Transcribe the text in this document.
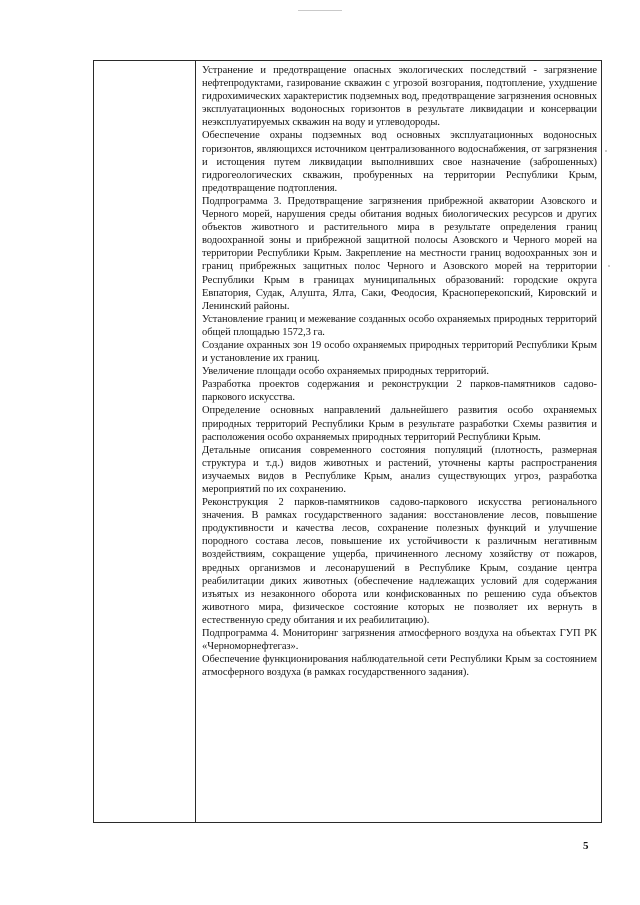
Устранение и предотвращение опасных экологических последствий - загрязнение нефтепродуктами, газирование скважин с угрозой возгорания, подтопление, ухудшение гидрохимических характеристик подземных вод, предотвращение загрязнения основных эксплуатационных водоносных горизонтов в результате ликвидации и консервации неэксплуатируемых скважин на воду и углеводороды.

Обеспечение охраны подземных вод основных эксплуатационных водоносных горизонтов, являющихся источником централизованного водоснабжения, от загрязнения и истощения путем ликвидации выполнивших свое назначение (заброшенных) гидрогеологических скважин, пробуренных на территории Республики Крым, предотвращение подтопления.

Подпрограмма 3. Предотвращение загрязнения прибрежной акватории Азовского и Черного морей, нарушения среды обитания водных биологических ресурсов и других объектов животного и растительного мира в результате определения границ водоохранной зоны и прибрежной защитной полосы Азовского и Черного морей на территории Республики Крым. Закрепление на местности границ водоохранных зон и границ прибрежных защитных полос Черного и Азовского морей на территории Республики Крым в границах муниципальных образований: городские округа Евпатория, Судак, Алушта, Ялта, Саки, Феодосия, Красноперекопский, Кировский и Ленинский районы.

Установление границ и межевание созданных особо охраняемых природных территорий общей площадью 1572,3 га.

Создание охранных зон 19 особо охраняемых природных территорий Республики Крым и установление их границ.

Увеличение площади особо охраняемых природных территорий.

Разработка проектов содержания и реконструкции 2 парков-памятников садово-паркового искусства.

Определение основных направлений дальнейшего развития особо охраняемых природных территорий Республики Крым в результате разработки Схемы развития и расположения особо охраняемых природных территорий Республики Крым.

Детальные описания современного состояния популяций (плотность, размерная структура и т.д.) видов животных и растений, уточнены карты распространения изучаемых видов в Республике Крым, анализ существующих угроз, разработка мероприятий по их сохранению.

Реконструкция 2 парков-памятников садово-паркового искусства регионального значения. В рамках государственного задания: восстановление лесов, повышение продуктивности и качества лесов, сохранение полезных функций и улучшение породного состава лесов, повышение их устойчивости к различным негативным воздействиям, сокращение ущерба, причиненного лесному хозяйству от пожаров, вредных организмов и лесонарушений в Республике Крым, создание центра реабилитации диких животных (обеспечение надлежащих условий для содержания изъятых из незаконного оборота или конфискованных по решению суда объектов животного мира, физическое состояние которых не позволяет их вернуть в естественную среду обитания и их реабилитацию).

Подпрограмма 4. Мониторинг загрязнения атмосферного воздуха на объектах ГУП РК «Черноморнефтегаз».

Обеспечение функционирования наблюдательной сети Республики Крым за состоянием атмосферного воздуха (в рамках государственного задания).

5
